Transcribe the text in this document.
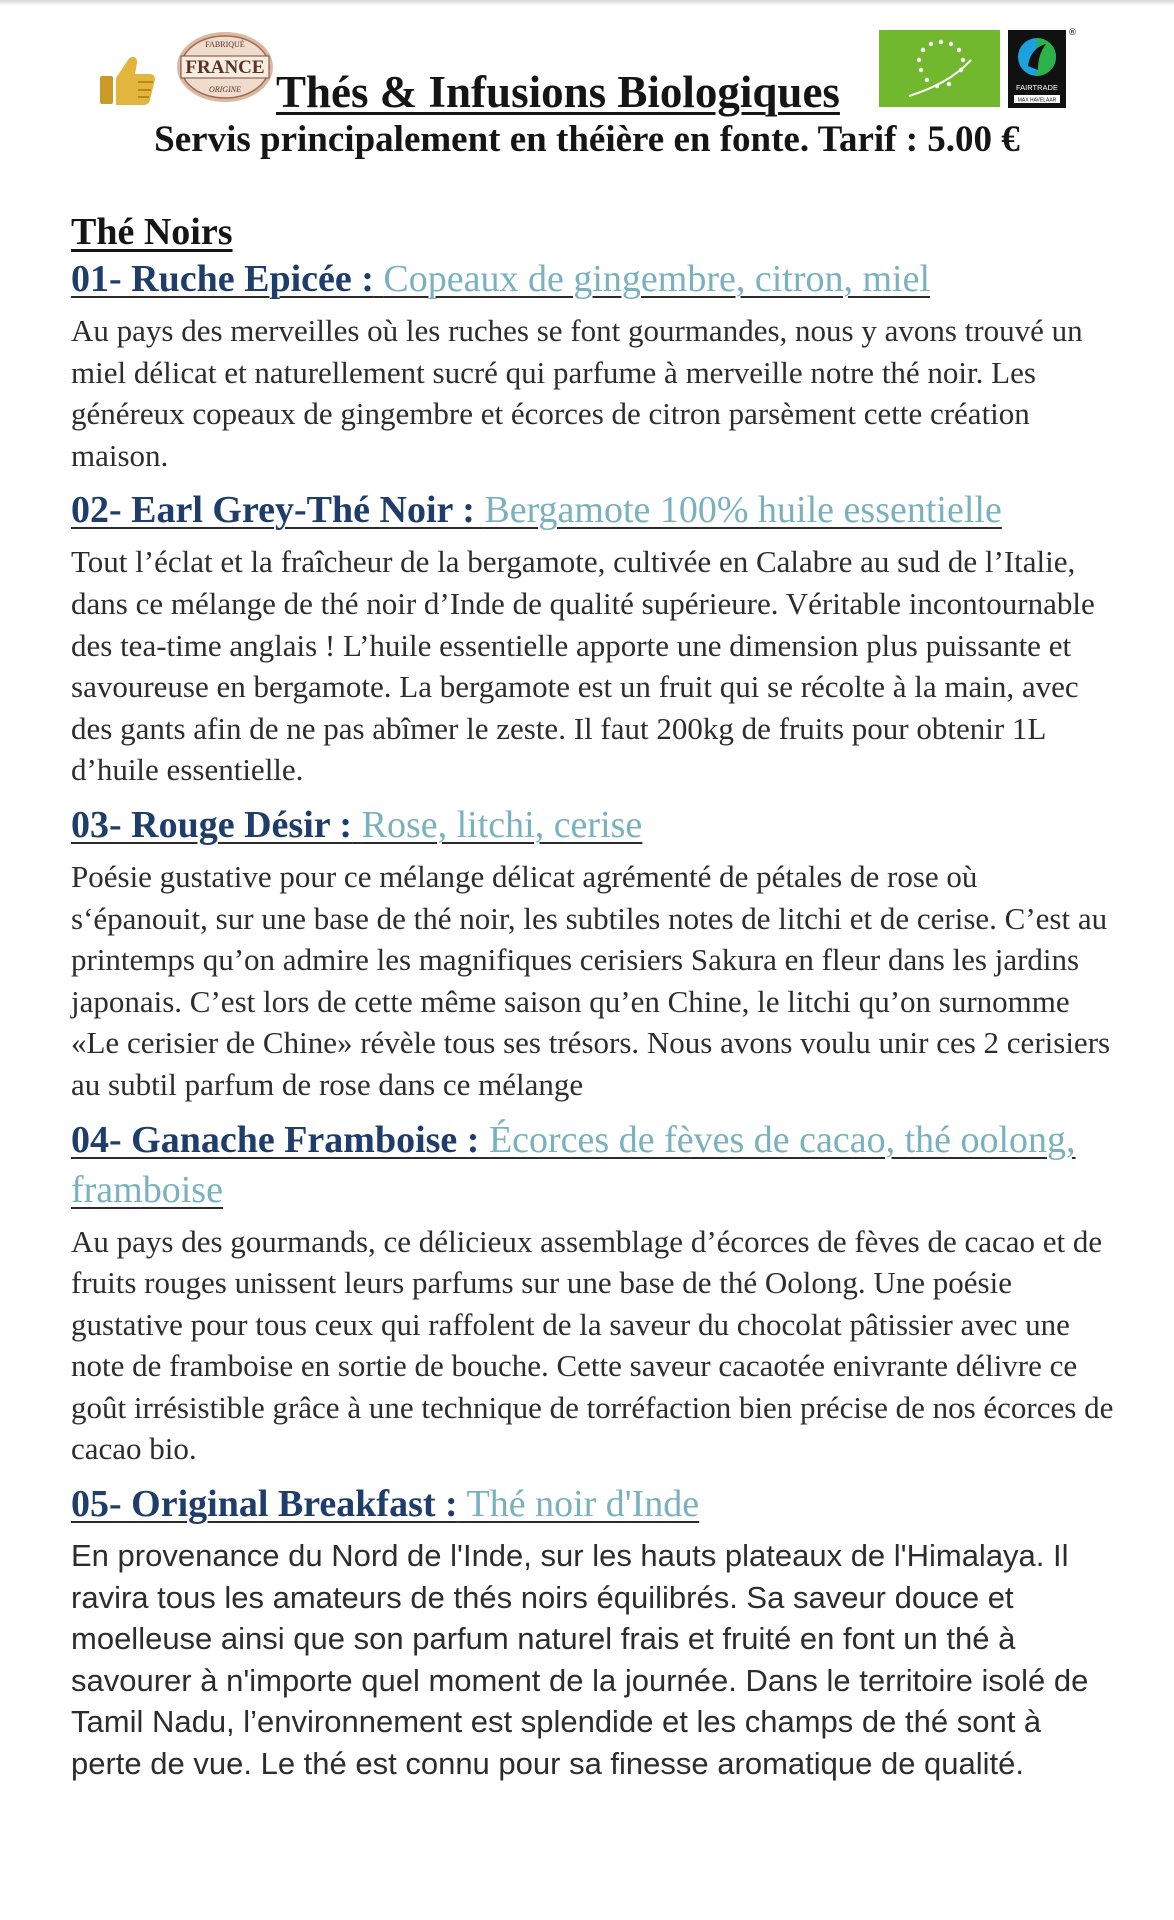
FABRIQUÉ
FRANCE
ORIGINE Thés & Infusions Biologiques	FAIRTRADE
MAX HAVELAAR
®
Servis principalement en théière en fonte. Tarif : 5.00 €
Thé Noirs

01- Ruche Epicée : Copeaux de gingembre, citron, miel

Au pays des merveilles où les ruches se font gourmandes, nous y avons trouvé un miel délicat et naturellement sucré qui parfume à merveille notre thé noir. Les généreux copeaux de gingembre et écorces de citron parsèment cette création maison.

02- Earl Grey-Thé Noir : Bergamote 100% huile essentielle

Tout l’éclat et la fraîcheur de la bergamote, cultivée en Calabre au sud de l’Italie, dans ce mélange de thé noir d’Inde de qualité supérieure. Véritable incontournable des tea-time anglais ! L’huile essentielle apporte une dimension plus puissante et savoureuse en bergamote. La bergamote est un fruit qui se récolte à la main, avec des gants afin de ne pas abîmer le zeste. Il faut 200kg de fruits pour obtenir 1L d’huile essentielle.

03- Rouge Désir : Rose, litchi, cerise

Poésie gustative pour ce mélange délicat agrémenté de pétales de rose où s‘épanouit, sur une base de thé noir, les subtiles notes de litchi et de cerise. C’est au printemps qu’on admire les magnifiques cerisiers Sakura en fleur dans les jardins japonais. C’est lors de cette même saison qu’en Chine, le litchi qu’on surnomme «Le cerisier de Chine» révèle tous ses trésors. Nous avons voulu unir ces 2 cerisiers au subtil parfum de rose dans ce mélange

04- Ganache Framboise : Écorces de fèves de cacao, thé oolong, framboise

Au pays des gourmands, ce délicieux assemblage d’écorces de fèves de cacao et de fruits rouges unissent leurs parfums sur une base de thé Oolong. Une poésie gustative pour tous ceux qui raffolent de la saveur du chocolat pâtissier avec une note de framboise en sortie de bouche. Cette saveur cacaotée enivrante délivre ce goût irrésistible grâce à une technique de torréfaction bien précise de nos écorces de cacao bio.

05- Original Breakfast : Thé noir d'Inde

En provenance du Nord de l'Inde, sur les hauts plateaux de l'Himalaya. Il ravira tous les amateurs de thés noirs équilibrés. Sa saveur douce et moelleuse ainsi que son parfum naturel frais et fruité en font un thé à savourer à n'importe quel moment de la journée. Dans le territoire isolé de Tamil Nadu, l’environnement est splendide et les champs de thé sont à perte de vue. Le thé est connu pour sa finesse aromatique de qualité.
